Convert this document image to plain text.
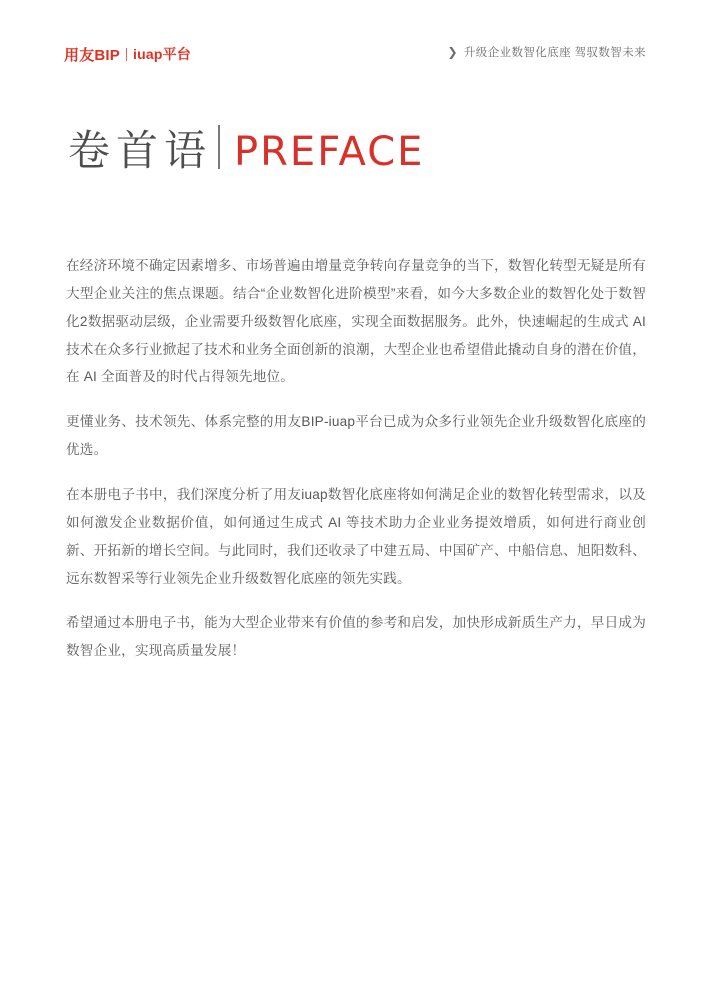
用友BIP iuap平台	❯ 升级企业数智化底座 驾驭数智未来
卷首语 PREFACE

在经济环境不确定因素增多、市场普遍由增量竞争转向存量竞争的当下，数智化转型无疑是所有大型企业关注的焦点课题。结合“企业数智化进阶模型”来看，如今大多数企业的数智化处于数智化2数据驱动层级，企业需要升级数智化底座，实现全面数据服务。此外，快速崛起的生成式 AI 技术在众多行业掀起了技术和业务全面创新的浪潮，大型企业也希望借此撬动自身的潜在价值，在 AI 全面普及的时代占得领先地位。

更懂业务、技术领先、体系完整的用友BIP-iuap平台已成为众多行业领先企业升级数智化底座的优选。

在本册电子书中，我们深度分析了用友iuap数智化底座将如何满足企业的数智化转型需求，以及如何激发企业数据价值，如何通过生成式 AI 等技术助力企业业务提效增质，如何进行商业创新、开拓新的增长空间。与此同时，我们还收录了中建五局、中国矿产、中船信息、旭阳数科、远东数智采等行业领先企业升级数智化底座的领先实践。

希望通过本册电子书，能为大型企业带来有价值的参考和启发，加快形成新质生产力，早日成为数智企业，实现高质量发展！
